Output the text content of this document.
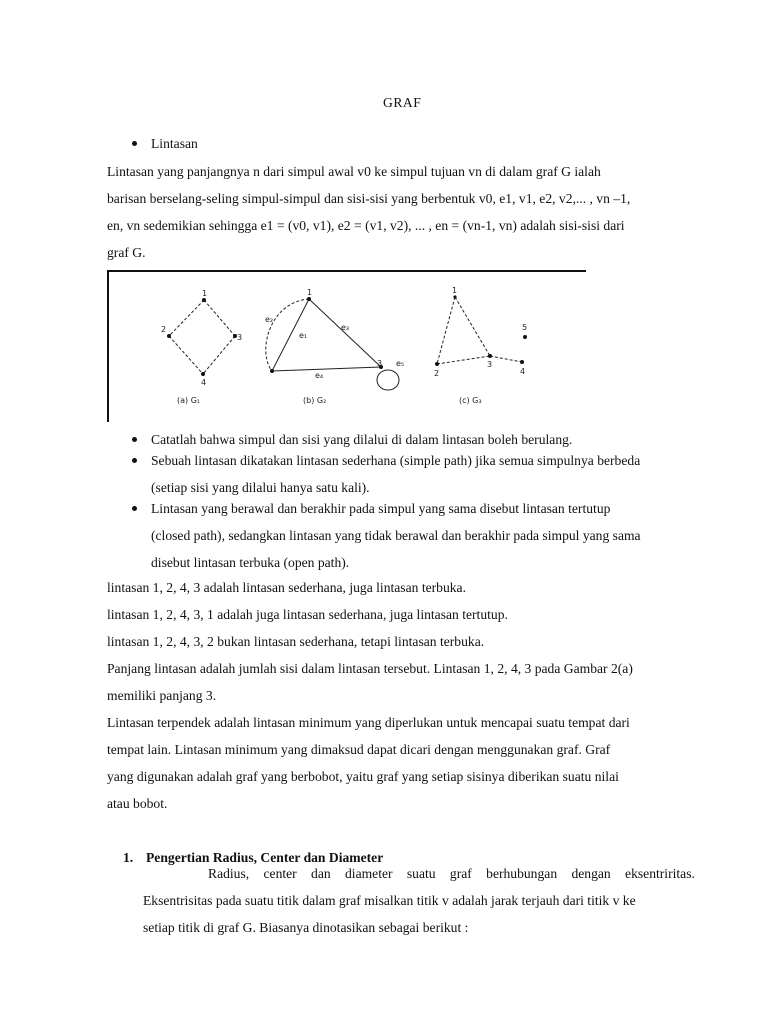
GRAF
Lintasan
Lintasan yang panjangnya n dari simpul awal v0 ke simpul tujuan vn di dalam graf G ialah
barisan berselang-seling simpul-simpul dan sisi-sisi yang berbentuk v0, e1, v1, e2, v2,... , vn –1,
en, vn sedemikian sehingga e1 = (v0, v1), e2 = (v1, v2), ... , en = (vn-1, vn) adalah sisi-sisi dari
graf G.
1
2
3
4
(a) G₁
1
3
e₂
e₁
e₃
e₄
e₅
(b) G₂
1
2
3
4
5
(c) G₃
Catatlah bahwa simpul dan sisi yang dilalui di dalam lintasan boleh berulang.
Sebuah lintasan dikatakan lintasan sederhana (simple path) jika semua simpulnya berbeda
(setiap sisi yang dilalui hanya satu kali).
Lintasan yang berawal dan berakhir pada simpul yang sama disebut lintasan tertutup
(closed path), sedangkan lintasan yang tidak berawal dan berakhir pada simpul yang sama
disebut lintasan terbuka (open path).
lintasan 1, 2, 4, 3 adalah lintasan sederhana, juga lintasan terbuka.
lintasan 1, 2, 4, 3, 1 adalah juga lintasan sederhana, juga lintasan tertutup.
lintasan 1, 2, 4, 3, 2 bukan lintasan sederhana, tetapi lintasan terbuka.
Panjang lintasan adalah jumlah sisi dalam lintasan tersebut. Lintasan 1, 2, 4, 3 pada Gambar 2(a)
memiliki panjang 3.
Lintasan terpendek adalah lintasan minimum yang diperlukan untuk mencapai suatu tempat dari
tempat lain. Lintasan minimum yang dimaksud dapat dicari dengan menggunakan graf. Graf
yang digunakan adalah graf yang berbobot, yaitu graf yang setiap sisinya diberikan suatu nilai
atau bobot.
1. Pengertian Radius, Center dan Diameter
Radius, center dan diameter suatu graf berhubungan dengan eksentriritas.
Eksentrisitas pada suatu titik dalam graf misalkan titik v adalah jarak terjauh dari titik v ke
setiap titik di graf G. Biasanya dinotasikan sebagai berikut :
